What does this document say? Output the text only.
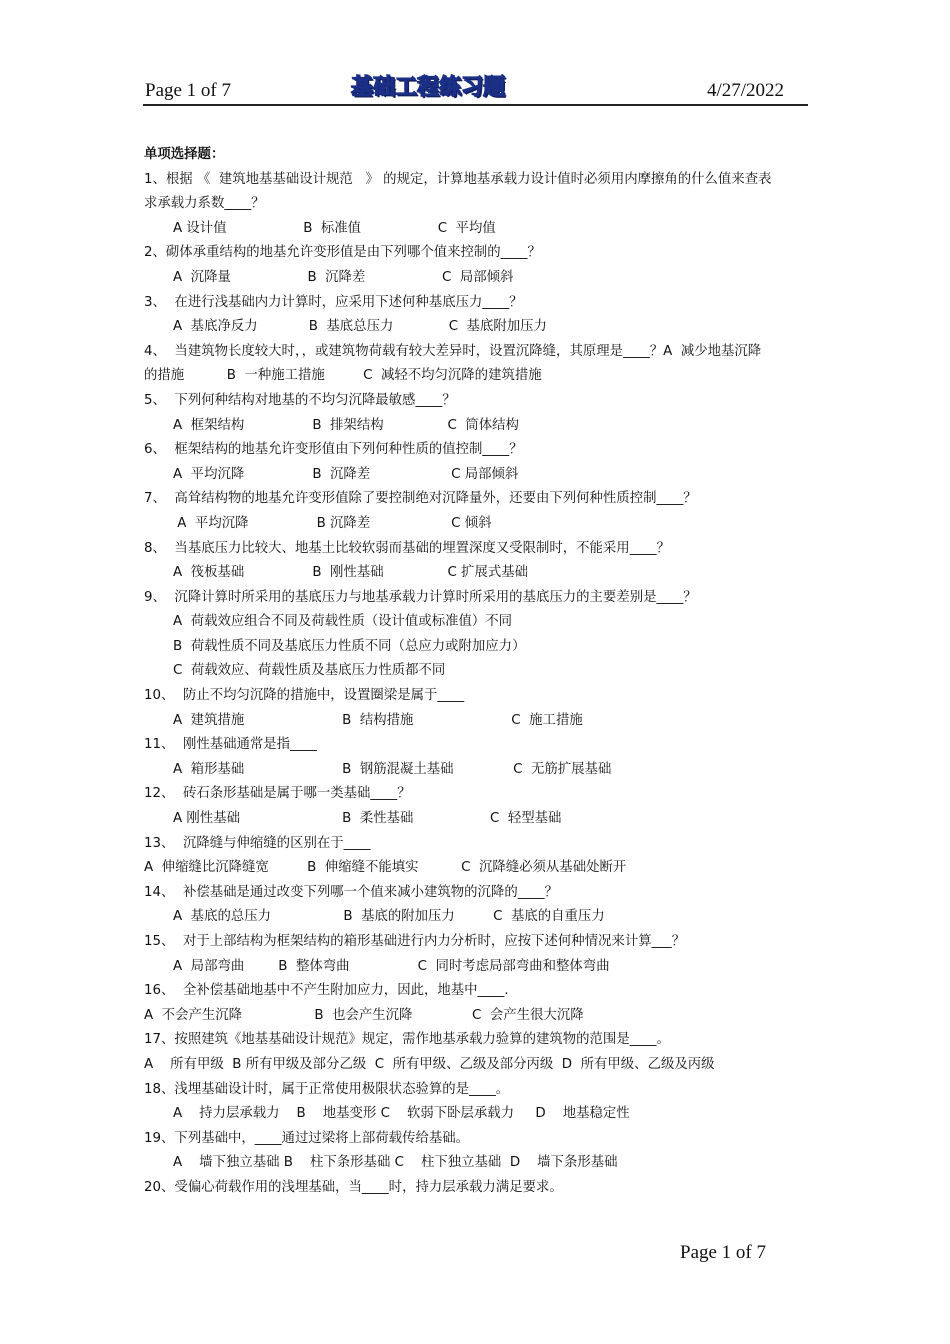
Page 1 of 7	基础工程练习题	4/27/2022
单项选择题：
1、根据 《  建筑地基基础设计规范   》 的规定，计算地基承载力设计值时必须用内摩擦角的什么值来查表
求承载力系数____？
A 设计值                  B  标准值                  C  平均值
2、砌体承重结构的地基允许变形值是由下列哪个值来控制的____？
A  沉降量                  B  沉降差                  C  局部倾斜
3、  在进行浅基础内力计算时，应采用下述何种基底压力____？
A  基底净反力            B  基底总压力             C  基底附加压力
4、  当建筑物长度较大时，，或建筑物荷载有较大差异时，设置沉降缝，其原理是____？A  减少地基沉降
的措施          B  一种施工措施         C  减轻不均匀沉降的建筑措施
5、  下列何种结构对地基的不均匀沉降最敏感____？
A  框架结构                B  排架结构               C  筒体结构
6、  框架结构的地基允许变形值由下列何种性质的值控制____？
A  平均沉降                B  沉降差                   C 局部倾斜
7、  高耸结构物的地基允许变形值除了要控制绝对沉降量外，还要由下列何种性质控制____？
A  平均沉降                B 沉降差                   C 倾斜
8、  当基底压力比较大、地基土比较软弱而基础的埋置深度又受限制时，不能采用____？
A  筏板基础                B  刚性基础               C 扩展式基础
9、  沉降计算时所采用的基底压力与地基承载力计算时所采用的基底压力的主要差别是____？
A  荷载效应组合不同及荷载性质（设计值或标准值）不同
B  荷载性质不同及基底压力性质不同（总应力或附加应力）
C  荷载效应、荷载性质及基底压力性质都不同
10、  防止不均匀沉降的措施中，设置圈梁是属于____
A  建筑措施                       B  结构措施                       C  施工措施
11、  刚性基础通常是指____
A  箱形基础                       B  钢筋混凝土基础              C  无筋扩展基础
12、  砖石条形基础是属于哪一类基础____？
A 刚性基础                        B  柔性基础                  C  轻型基础
13、  沉降缝与伸缩缝的区别在于____
A  伸缩缝比沉降缝宽         B  伸缩缝不能填实          C  沉降缝必须从基础处断开
14、  补偿基础是通过改变下列哪一个值来减小建筑物的沉降的____？
A  基底的总压力                 B  基底的附加压力         C  基底的自重压力
15、  对于上部结构为框架结构的箱形基础进行内力分析时，应按下述何种情况来计算___？
A  局部弯曲        B  整体弯曲                C  同时考虑局部弯曲和整体弯曲
16、  全补偿基础地基中不产生附加应力，因此，地基中____.
A  不会产生沉降                 B  也会产生沉降              C  会产生很大沉降
17、按照建筑《地基基础设计规范》规定，需作地基承载力验算的建筑物的范围是____。
A    所有甲级  B 所有甲级及部分乙级  C  所有甲级、乙级及部分丙级  D  所有甲级、乙级及丙级
18、浅埋基础设计时，属于正常使用极限状态验算的是____。
A    持力层承载力    B    地基变形 C    软弱下卧层承载力     D    地基稳定性
19、下列基础中，____通过过梁将上部荷载传给基础。
A    墙下独立基础 B    柱下条形基础 C    柱下独立基础  D    墙下条形基础
20、受偏心荷载作用的浅埋基础，当____时，持力层承载力满足要求。
Page 1 of 7
